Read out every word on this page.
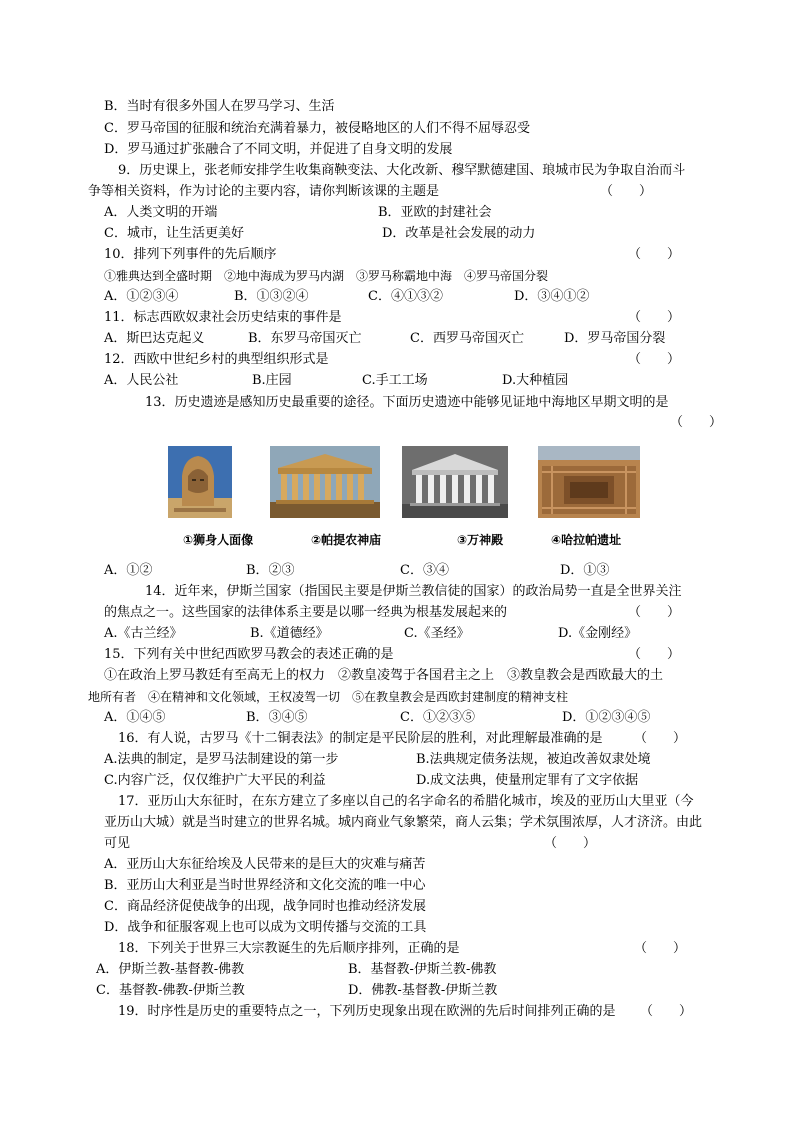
B．当时有很多外国人在罗马学习、生活
C．罗马帝国的征服和统治充满着暴力，被侵略地区的人们不得不屈辱忍受
D．罗马通过扩张融合了不同文明，并促进了自身文明的发展
9．历史课上，张老师安排学生收集商鞅变法、大化改新、穆罕默德建国、琅城市民为争取自治而斗
争等相关资料，作为讨论的主要内容，请你判断该课的主题是	（　　）

A．人类文明的开端

	B．亚欧的封建社会

C．城市，让生活更美好

	D．改革是社会发展的动力

10．排列下列事件的先后顺序	（　　）
①雅典达到全盛时期　②地中海成为罗马内湖　③罗马称霸地中海　④罗马帝国分裂

A．①②③④

	B．①③②④

	C．④①③②

	D．③④①②

11．标志西欧奴隶社会历史结束的事件是	（　　）

A．斯巴达克起义

	B．东罗马帝国灭亡

	C．西罗马帝国灭亡

	D．罗马帝国分裂

12．西欧中世纪乡村的典型组织形式是	（　　）

A．人民公社

	B.庄园

	C.手工工场

	D.大种植园

13．历史遗迹是感知历史最重要的途径。下面历史遗迹中能够见证地中海地区早期文明的是
（　　）
①狮身人面像	②帕提农神庙	③万神殿	④哈拉帕遗址

A．①②

	B．②③

	C．③④

	D．①③

14．近年来，伊斯兰国家（指国民主要是伊斯兰教信徒的国家）的政治局势一直是全世界关注
的焦点之一。这些国家的法律体系主要是以哪一经典为根基发展起来的	（　　）

A.《古兰经》

	B.《道德经》

	C.《圣经》

	D.《金刚经》

15．下列有关中世纪西欧罗马教会的表述正确的是	（　　）
①在政治上罗马教廷有至高无上的权力　②教皇凌驾于各国君主之上　③教皇教会是西欧最大的土
地所有者　④在精神和文化领域，王权凌驾一切　⑤在教皇教会是西欧封建制度的精神支柱

A．①④⑤

	B．③④⑤

	C．①②③⑤

	D．①②③④⑤

16．有人说，古罗马《十二铜表法》的制定是平民阶层的胜利，对此理解最准确的是 （　　）

A.法典的制定，是罗马法制建设的第一步

	B.法典规定债务法规，被迫改善奴隶处境

C.内容广泛，仅仅维护广大平民的利益

	D.成文法典，使量刑定罪有了文字依据

17．亚历山大东征时，在东方建立了多座以自己的名字命名的希腊化城市，埃及的亚历山大里亚（今
亚历山大城）就是当时建立的世界名城。城内商业气象繁荣，商人云集；学术氛围浓厚，人才济济。由此
可见	（　　）
A．亚历山大东征给埃及人民带来的是巨大的灾难与痛苦
B．亚历山大利亚是当时世界经济和文化交流的唯一中心
C．商品经济促使战争的出现，战争同时也推动经济发展
D．战争和征服客观上也可以成为文明传播与交流的工具
18．下列关于世界三大宗教诞生的先后顺序排列，正确的是	（　　）

A．伊斯兰教-基督教-佛教

	B．基督教-伊斯兰教-佛教

C．基督教-佛教-伊斯兰教

	D．佛教-基督教-伊斯兰教

19．时序性是历史的重要特点之一，下列历史现象出现在欧洲的先后时间排列正确的是 （　　）
